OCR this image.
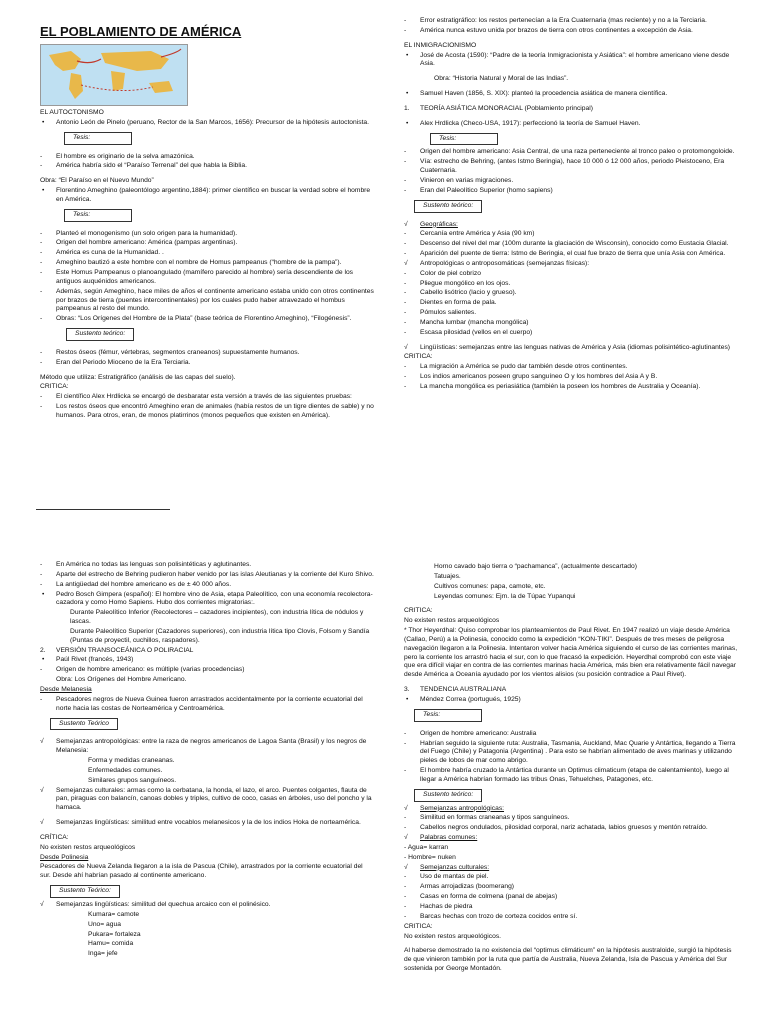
EL POBLAMIENTO DE AMÉRICA
EL AUTOCTONISMO
• Antonio León de Pinelo (peruano, Rector de la San Marcos, 1656): Precursor de la hipótesis autoctonista.
Tesis:
- El hombre es originario de la selva amazónica.
- América habría sido el “Paraíso Terrenal” del que habla la Biblia.
Obra: “El Paraíso en el Nuevo Mundo”
• Florentino Ameghino (paleontólogo argentino,1884): primer científico en buscar la verdad sobre el hombre en América.
Tesis:
- Planteó el monogenismo (un solo origen para la humanidad).
- Origen del hombre americano: América (pampas argentinas).
- América es cuna de la Humanidad. .
- Ameghino bautizó a este hombre con el nombre de Homus pampeanus (“hombre de la pampa”).
- Este Homus Pampeanus o planoangulado (mamífero parecido al hombre) sería descendiente de los antiguos auquénidos americanos.
- Además, según Ameghino, hace miles de años el continente americano estaba unido con otros continentes por brazos de tierra (puentes intercontinentales) por los cuales pudo haber atravezado el hombus pampeanus al resto del mundo.
- Obras: “Los Orígenes del Hombre de la Plata” (base teórica de Florentino Ameghino), “Filogénesis”.
Sustento teórico:
- Restos óseos (fémur, vértebras, segmentos craneanos) supuestamente humanos.
- Eran del Periodo Mioceno de la Era Terciaria.
Método que utiliza: Estratigráfico (análisis de las capas del suelo).
CRITICA:
- El científico Alex Hrdlicka se encargó de desbaratar esta versión a través de las siguientes pruebas:
- Los restos óseos que encontró Ameghino eran de animales (había restos de un tigre dientes de sable) y no humanos. Para otros, eran, de monos platirrinos (monos pequeños que existen en América).
- Error estratigráfico: los restos pertenecían a la Era Cuaternaria (mas reciente) y no a la Terciaria.
- América nunca estuvo unida por brazos de tierra con otros continentes a excepción de Asia.
EL INMIGRACIONISMO
• José de Acosta (1590): “Padre de la teoría Inmigracionista y Asiática”: el hombre americano viene desde Asia.
Obra: “Historia Natural y Moral de las Indias”.
• Samuel Haven (1856, S. XIX): planteó la procedencia asiática de manera científica.
1. TEORÍA ASIÁTICA MONORACIAL (Poblamiento principal)
• Alex Hrdlicka (Checo-USA, 1917): perfeccionó la teoría de Samuel Haven.
Tesis:
- Origen del hombre americano: Asia Central, de una raza perteneciente al tronco paleo o protomongoloide.
- Vía: estrecho de Behring, (antes Istmo Beringia), hace 10 000 ó 12 000 años, periodo Pleistoceno, Era Cuaternaria.
- Vinieron en varias migraciones.
- Eran del Paleolítico Superior (homo sapiens)
Sustento teórico:
√ Geográficas:
- Cercanía entre América y Asia (90 km)
- Descenso del nivel del mar (100m durante la glaciación de Wisconsin), conocido como Eustacia Glacial.
- Aparición del puente de tierra: Istmo de Beringia, el cual fue brazo de tierra que unía Asia con América.
√ Antropológicas o antroposomáticas (semejanzas físicas):
- Color de piel cobrizo
- Pliegue mongólico en los ojos.
- Cabello lisótrico (lacio y grueso).
- Dientes en forma de pala.
- Pómulos salientes.
- Mancha lumbar (mancha mongólica)
- Escasa pilosidad (vellos en el cuerpo)
√ Lingüísticas: semejanzas entre las lenguas nativas de América y Asia (idiomas polisintético-aglutinantes)
CRITICA:
- La migración a América se pudo dar también desde otros continentes.
- Los indios americanos poseen grupo sanguíneo O y los hombres del Asia A y B.
- La mancha mongólica es periasiática (también la poseen los hombres de Australia y Oceanía).
- En América no todas las lenguas son polisintéticas y aglutinantes.
- Aparte del estrecho de Behring pudieron haber venido por las islas Aleutianas y la corriente del Kuro Shivo.
- La antigüedad del hombre americano es de ± 40 000 años.
• Pedro Bosch Gimpera (español): El hombre vino de Asia, etapa Paleolítico, con una economía recolectora-cazadora y como Homo Sapiens. Hubo dos corrientes migratorias:.
Durante Paleolítico Inferior (Recolectores – cazadores incipientes), con industria lítica de nódulos y lascas.
Durante Paleolítico Superior (Cazadores superiores), con industria lítica tipo Clovis, Folsom y Sandía (Puntas de proyectil, cuchillos, raspadores).
2. VERSIÓN TRANSOCEÁNICA O POLIRACIAL
• Paúl Rivet (francés, 1943)
- Origen de hombre americano: es múltiple (varias procedencias)
Obra: Los Orígenes del Hombre Americano.
Desde Melanesia
- Pescadores negros de Nueva Guinea fueron arrastrados accidentalmente por la corriente ecuatorial del norte hacia las costas de Norteamérica y Centroamérica.
Sustento Teórico
√ Semejanzas antropológicas: entre la raza de negros americanos de Lagoa Santa (Brasil) y los negros de Melanesia:
Forma y medidas craneanas.
Enfermedades comunes.
Similares grupos sanguíneos.
√ Semejanzas culturales: armas como la cerbatana, la honda, el lazo, el arco. Puentes colgantes, flauta de pan, piraguas con balancín, canoas dobles y triples, cultivo de coco, casas en árboles, uso del poncho y la hamaca.
√ Semejanzas lingüísticas: similitud entre vocablos melanesicos y la de los indios Hoka de norteamérica.
CRÍTICA:
No existen restos arqueológicos
Desde Polinesia
Pescadores de Nueva Zelanda llegaron a la isla de Pascua (Chile), arrastrados por la corriente ecuatorial del sur. Desde ahí habrían pasado al continente americano.
Sustento Teórico:
√ Semejanzas lingüísticas: similitud del quechua arcaico con el polinésico.
Kumara= camote
Uno= agua
Pukara= fortaleza
Hamu= comida
Inga= jefe
Horno cavado bajo tierra o “pachamanca”, (actualmente descartado)
Tatuajes.
Cultivos comunes: papa, camote, etc.
Leyendas comunes: Ejm. la de Túpac Yupanqui
CRITICA:
No existen restos arqueológicos
* Thor Heyerdhal: Quiso comprobar los planteamientos de Paul Rivet. En 1947 realizó un viaje desde América (Callao, Perú) a la Polinesia, conocido como la expedición “KON-TIKI”. Después de tres meses de peligrosa navegación llegaron a la Polinesia. Intentaron volver hacia América siguiendo el curso de las corrientes marinas, pero la corriente los arrastró hacia el sur, con lo que fracasó la expedición. Heyerdhal comprobó con este viaje que era difícil viajar en contra de las corrientes marinas hacia América, más bien era relativamente fácil navegar desde América a Oceanía ayudado por los vientos alisios (su posición contradice a Paul Rivet).
3. TENDENCIA AUSTRALIANA
• Méndez Correa (portugués, 1925)
Tesis:
- Origen de hombre americano: Australia
- Habrían seguido la siguiente ruta: Australia, Tasmania, Auckland, Mac Quarie y Antártica, llegando a Tierra del Fuego (Chile) y Patagonia (Argentina) . Para esto se habrían alimentado de aves marinas y utilizando pieles de lobos de mar como abrigo.
- El hombre habría cruzado la Antártica durante un Optimus climaticum (etapa de calentamiento), luego al llegar a América habrían formado las tribus Onas, Tehuelches, Patagones, etc.
Sustento teórico:
√ Semejanzas antropológicas:
- Similitud en formas craneanas y tipos sanguíneos.
- Cabellos negros ondulados, pilosidad corporal, nariz achatada, labios gruesos y mentón retraído.
√ Palabras comunes:
- Agua= karran
- Hombre= nuken
√ Semejanzas culturales:
- Uso de mantas de piel.
- Armas arrojadizas (boomerang)
- Casas en forma de colmena (panal de abejas)
- Hachas de piedra
- Barcas hechas con trozo de corteza cocidos entre sí.
CRITICA:
No existen restos arqueológicos.
Al haberse demostrado la no existencia del “optimus climáticum” en la hipótesis australoide, surgió la hipótesis de que vinieron también por la ruta que partía de Australia, Nueva Zelanda, Isla de Pascua y América del Sur sostenida por George Montadón.
